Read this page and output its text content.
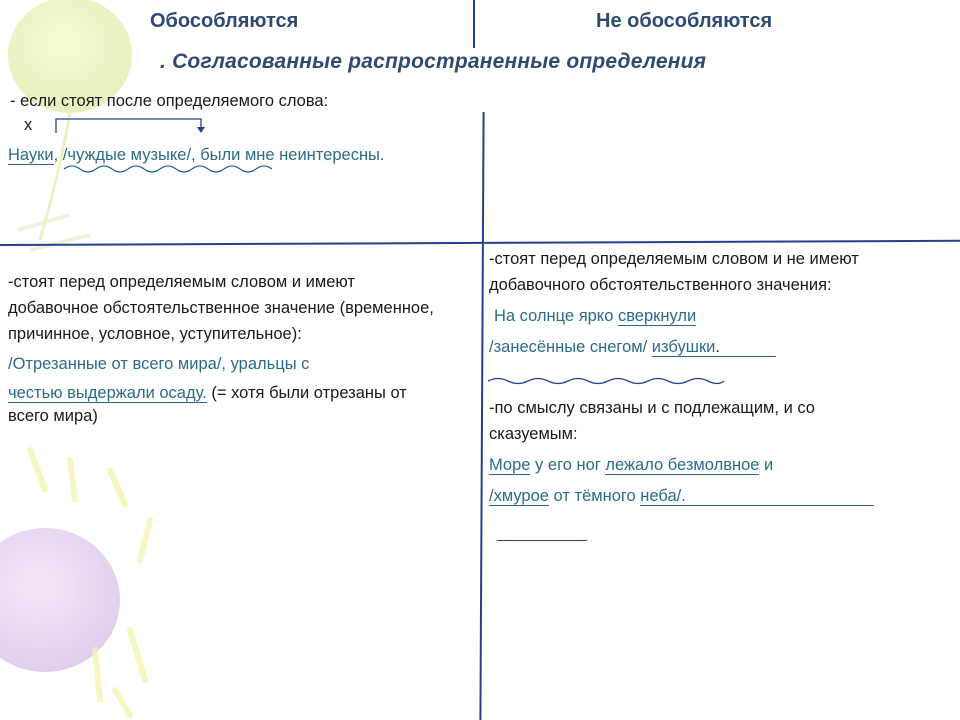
Обособляются	Не обособляются
. Согласованные распространенные определения
- если стоят после определяемого слова:
х
Науки, /чуждые музыке/, были мне неинтересны.
-стоят перед определяемым словом и имеют
добавочное обстоятельственное значение (временное,
причинное, условное, уступительное):
/Отрезанные от всего мира/, уральцы с
честью выдержали осаду. (= хотя были отрезаны от
всего мира)
-стоят перед определяемым словом и не имеют
добавочного обстоятельственного значения:
На солнце ярко сверкнули
/занесённые снегом/ избушки.
-по смыслу связаны и с подлежащим, и со
сказуемым:
Море у его ног лежало безмолвное и
/хмурое от тёмного неба/.
